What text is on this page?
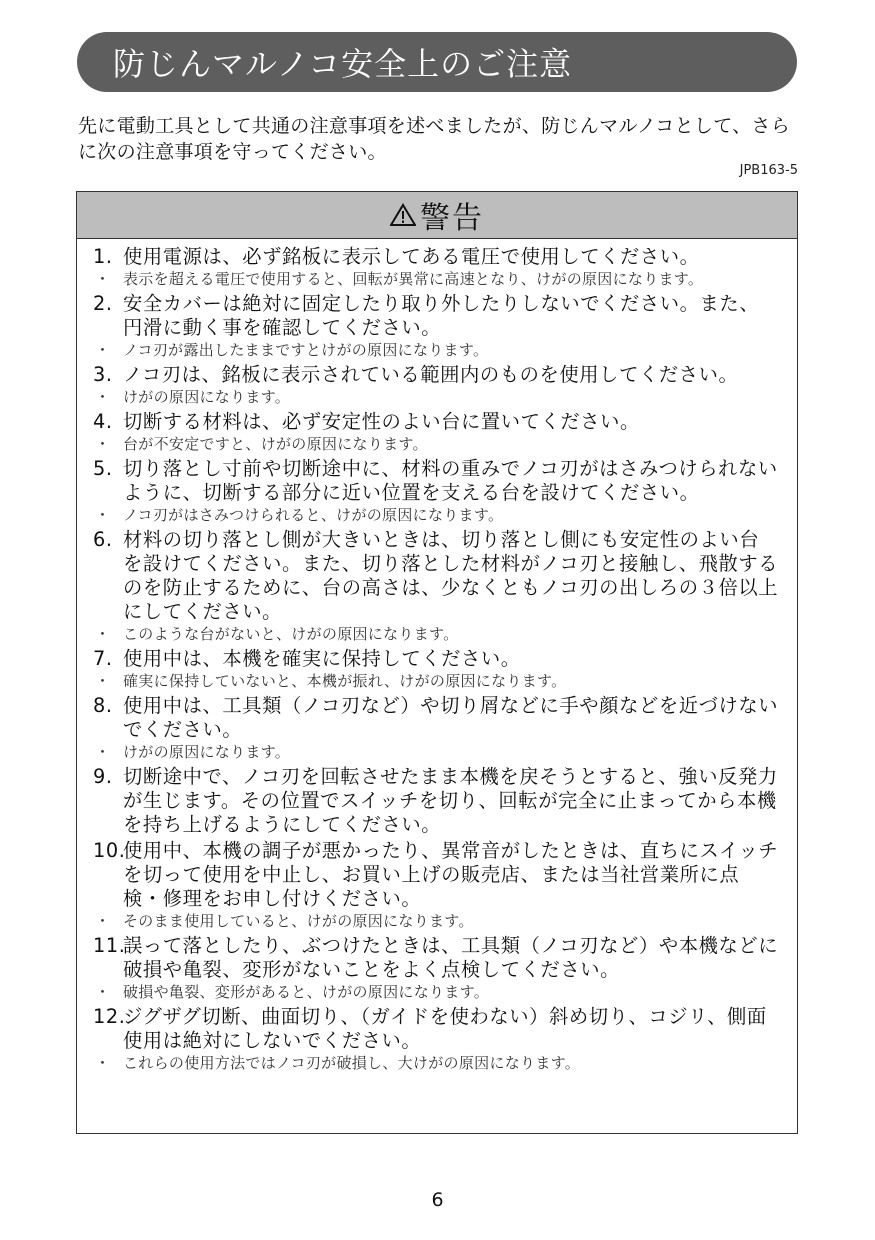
防じんマルノコ安全上のご注意
先に電動工具として共通の注意事項を述べましたが、防じんマルノコとして、さらに次の注意事項を守ってください。
JPB163-5
警告
1. 使用電源は、必ず銘板に表示してある電圧で使用してください。
・ 表示を超える電圧で使用すると、回転が異常に高速となり、けがの原因になります。
2. 安全カバーは絶対に固定したり取り外したりしないでください。また、円滑に動く事を確認してください。
・ ノコ刃が露出したままですとけがの原因になります。
3. ノコ刃は、銘板に表示されている範囲内のものを使用してください。
・ けがの原因になります。
4. 切断する材料は、必ず安定性のよい台に置いてください。
・ 台が不安定ですと、けがの原因になります。
5. 切り落とし寸前や切断途中に、材料の重みでノコ刃がはさみつけられないように、切断する部分に近い位置を支える台を設けてください。
・ ノコ刃がはさみつけられると、けがの原因になります。
6. 材料の切り落とし側が大きいときは、切り落とし側にも安定性のよい台を設けてください。また、切り落とした材料がノコ刃と接触し、飛散するのを防止するために、台の高さは、少なくともノコ刃の出しろの３倍以上にしてください。
・ このような台がないと、けがの原因になります。
7. 使用中は、本機を確実に保持してください。
・ 確実に保持していないと、本機が振れ、けがの原因になります。
8. 使用中は、工具類（ノコ刃など）や切り屑などに手や顔などを近づけないでください。
・ けがの原因になります。
9. 切断途中で、ノコ刃を回転させたまま本機を戻そうとすると、強い反発力が生じます。その位置でスイッチを切り、回転が完全に止まってから本機を持ち上げるようにしてください。
10.
使用中、本機の調子が悪かったり、異常音がしたときは、直ちにスイッチを切って使用を中止し、お買い上げの販売店、または当社営業所に点検・修理をお申し付けください。
・ そのまま使用していると、けがの原因になります。
11.
誤って落としたり、ぶつけたときは、工具類（ノコ刃など）や本機などに破損や亀裂、変形がないことをよく点検してください。
・ 破損や亀裂、変形があると、けがの原因になります。
12.
ジグザグ切断、曲面切り、（ガイドを使わない）斜め切り、コジリ、側面使用は絶対にしないでください。
・ これらの使用方法ではノコ刃が破損し、大けがの原因になります。
6
